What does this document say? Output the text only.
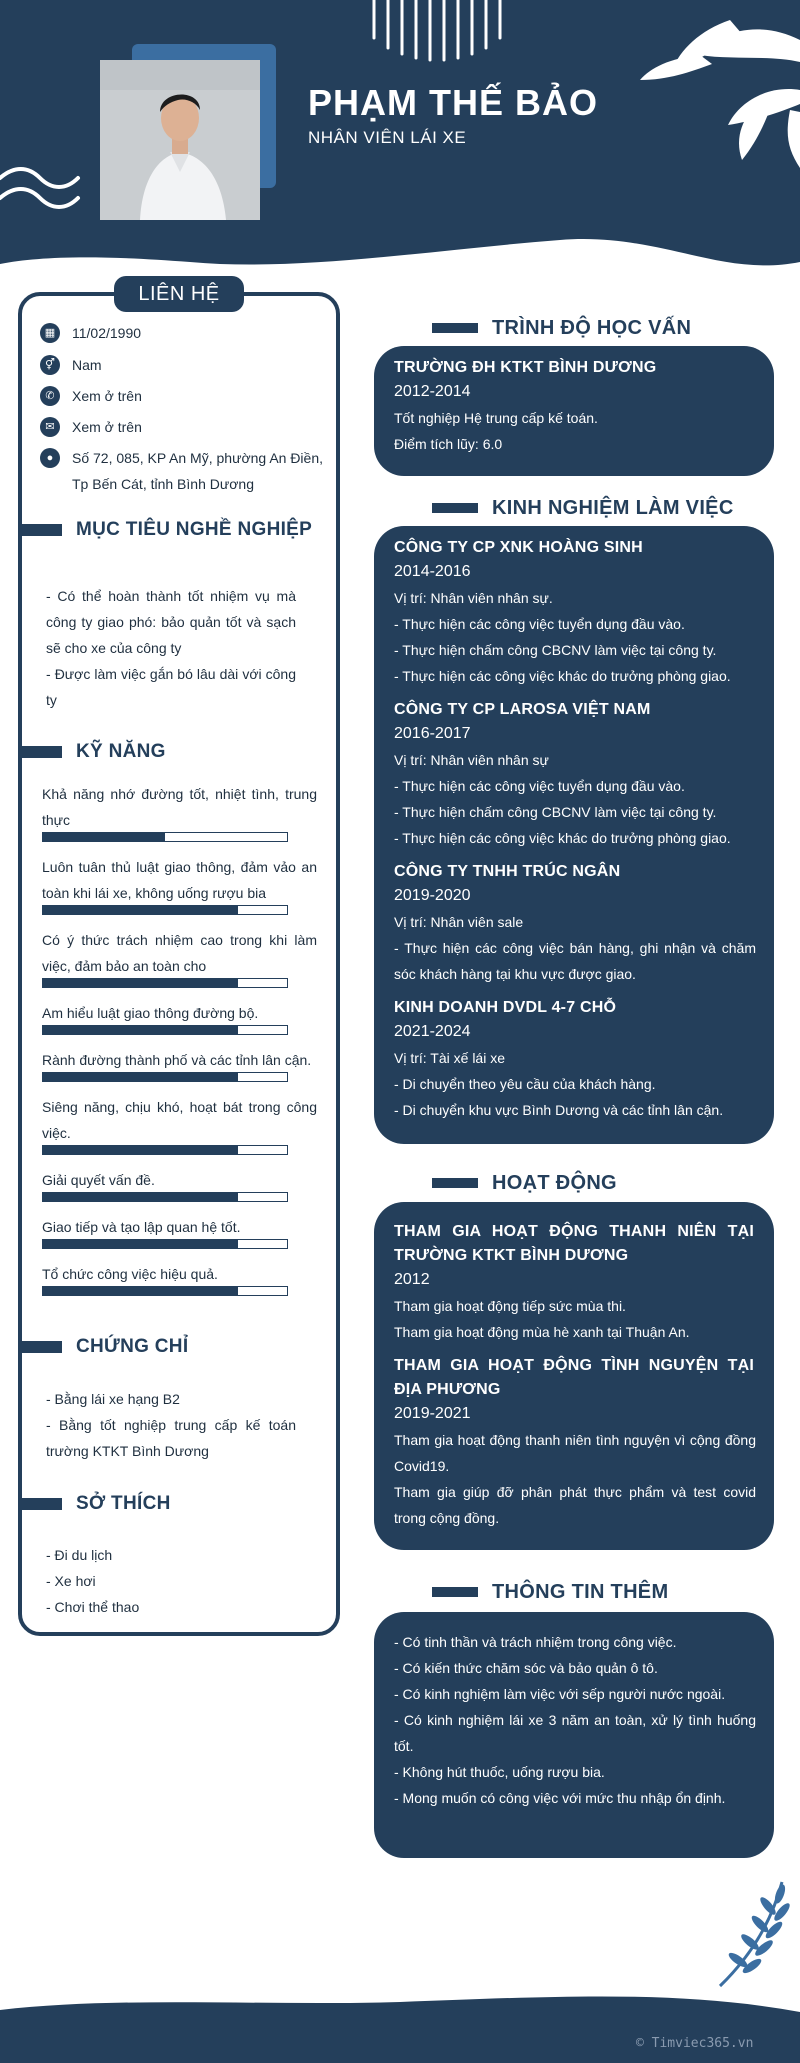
PHẠM THẾ BẢO
NHÂN VIÊN LÁI XE
LIÊN HỆ
▦	11/02/1990
⚥	Nam
✆	Xem ở trên
✉	Xem ở trên
●	Số 72, 085, KP An Mỹ, phường An Điền, Tp Bến Cát, tỉnh Bình Dương
MỤC TIÊU NGHỀ NGHIỆP
- Có thể hoàn thành tốt nhiệm vụ mà công ty giao phó: bảo quản tốt và sạch sẽ cho xe của công ty
- Được làm việc gắn bó lâu dài với công ty
KỸ NĂNG
Khả năng nhớ đường tốt, nhiệt tình, trung thực
Luôn tuân thủ luật giao thông, đảm vảo an toàn khi lái xe, không uống rượu bia
Có ý thức trách nhiệm cao trong khi làm việc, đảm bảo an toàn cho
Am hiểu luật giao thông đường bộ.
Rành đường thành phố và các tỉnh lân cận.
Siêng năng, chịu khó, hoạt bát trong công việc.
Giải quyết vấn đề.
Giao tiếp và tạo lập quan hệ tốt.
Tổ chức công việc hiệu quả.
CHỨNG CHỈ
- Bằng lái xe hạng B2
- Bằng tốt nghiệp trung cấp kế toán trường KTKT Bình Dương
SỞ THÍCH
- Đi du lịch
- Xe hơi
- Chơi thể thao
TRÌNH ĐỘ HỌC VẤN
TRƯỜNG ĐH KTKT BÌNH DƯƠNG
2012-2014
Tốt nghiệp Hệ trung cấp kế toán.
Điểm tích lũy: 6.0
KINH NGHIỆM LÀM VIỆC
CÔNG TY CP XNK HOÀNG SINH
2014-2016
Vị trí: Nhân viên nhân sự.
- Thực hiện các công việc tuyển dụng đầu vào.
- Thực hiện chấm công CBCNV làm việc tại công ty.
- Thực hiện các công việc khác do trưởng phòng giao.
CÔNG TY CP LAROSA VIỆT NAM
2016-2017
Vị trí: Nhân viên nhân sự
- Thực hiện các công việc tuyển dụng đầu vào.
- Thực hiện chấm công CBCNV làm việc tại công ty.
- Thực hiện các công việc khác do trưởng phòng giao.
CÔNG TY TNHH TRÚC NGÂN
2019-2020
Vị trí: Nhân viên sale
- Thực hiện các công việc bán hàng, ghi nhận và chăm sóc khách hàng tại khu vực được giao.
KINH DOANH DVDL 4-7 CHỖ
2021-2024
Vị trí: Tài xế lái xe
- Di chuyển theo yêu cầu của khách hàng.
- Di chuyển khu vực Bình Dương và các tỉnh lân cận.
HOẠT ĐỘNG
THAM GIA HOẠT ĐỘNG THANH NIÊN TẠI TRƯỜNG KTKT BÌNH DƯƠNG
2012
Tham gia hoạt động tiếp sức mùa thi.
Tham gia hoạt động mùa hè xanh tại Thuận An.
THAM GIA HOẠT ĐỘNG TÌNH NGUYỆN TẠI ĐỊA PHƯƠNG
2019-2021
Tham gia hoạt động thanh niên tình nguyện vì cộng đồng Covid19.
Tham gia giúp đỡ phân phát thực phẩm và test covid trong cộng đồng.
THÔNG TIN THÊM
- Có tinh thần và trách nhiệm trong công việc.
- Có kiến thức chăm sóc và bảo quản ô tô.
- Có kinh nghiệm làm việc với sếp người nước ngoài.
- Có kinh nghiệm lái xe 3 năm an toàn, xử lý tình huống tốt.
- Không hút thuốc, uống rượu bia.
- Mong muốn có công việc với mức thu nhập ổn định.
© Timviec365.vn
